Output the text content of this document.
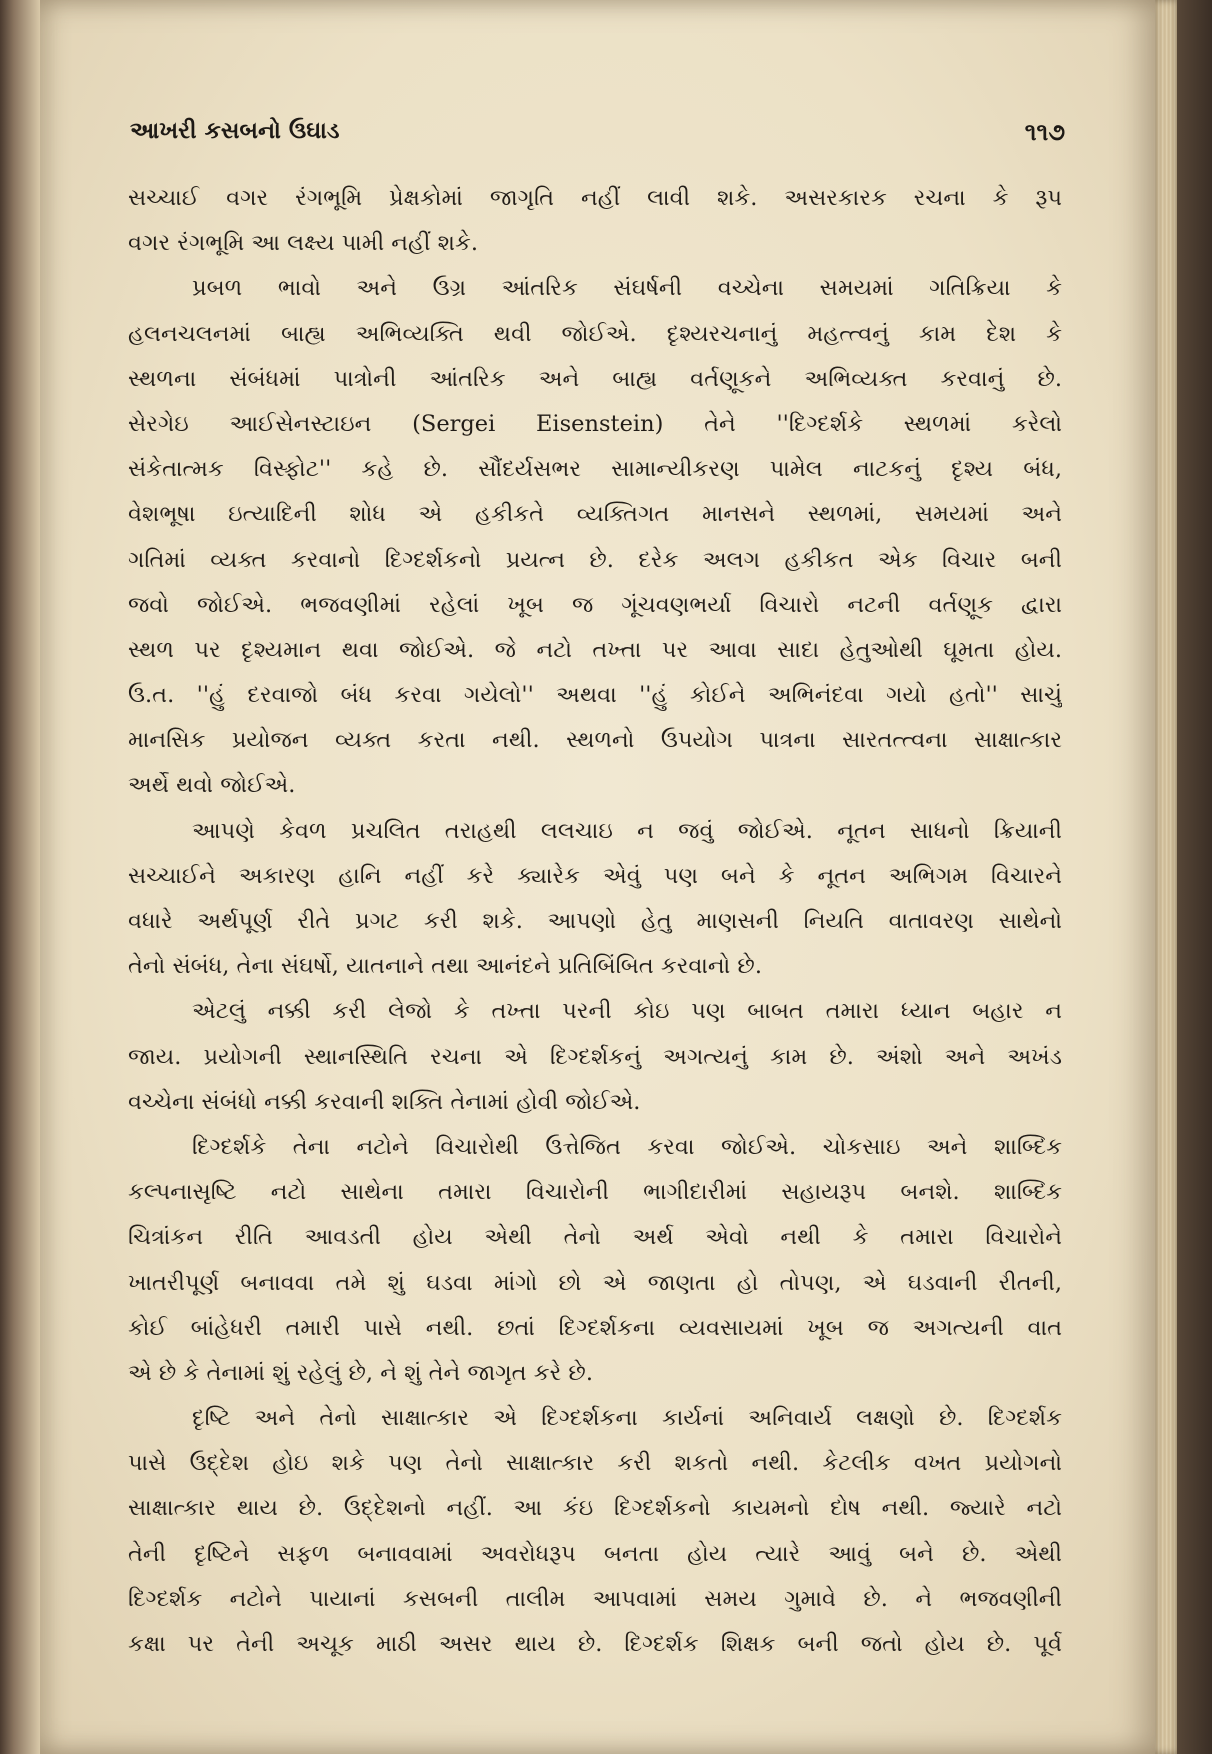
આખરી કસબનો ઉઘાડ	૧૧૭
સચ્ચાઈ વગર રંગભૂમિ પ્રેક્ષકોમાં જાગૃતિ નહીં લાવી શકે. અસરકારક રચના કે રૂપ
વગર રંગભૂમિ આ લક્ષ્ય પામી નહીં શકે.
પ્રબળ ભાવો અને ઉગ્ર આંતરિક સંઘર્ષની વચ્ચેના સમયમાં ગતિક્રિયા કે
હલનચલનમાં બાહ્ય અભિવ્યક્તિ થવી જોઈએ. દૃશ્યરચનાનું મહત્ત્વનું કામ દેશ કે
સ્થળના સંબંધમાં પાત્રોની આંતરિક અને બાહ્ય વર્તણૂકને અભિવ્યક્ત કરવાનું છે.
સેરગેઇ આઈસેનસ્ટાઇન (Sergei Eisenstein) તેને ''દિગ્દર્શકે સ્થળમાં કરેલો
સંકેતાત્મક વિસ્ફોટ'' કહે છે. સૌંદર્યસભર સામાન્યીકરણ પામેલ નાટકનું દૃશ્ય બંધ,
વેશભૂષા ઇત્યાદિની શોધ એ હકીકતે વ્યક્તિગત માનસને સ્થળમાં, સમયમાં અને
ગતિમાં વ્યક્ત કરવાનો દિગ્દર્શકનો પ્રયત્ન છે. દરેક અલગ હકીકત એક વિચાર બની
જવો જોઈએ. ભજવણીમાં રહેલાં ખૂબ જ ગૂંચવણભર્યા વિચારો નટની વર્તણૂક દ્વારા
સ્થળ પર દૃશ્યમાન થવા જોઈએ. જે નટો તખ્તા પર આવા સાદા હેતુઓથી ઘૂમતા હોય.
ઉ.ત. ''હું દરવાજો બંધ કરવા ગયેલો'' અથવા ''હું કોઈને અભિનંદવા ગયો હતો'' સાચું
માનસિક પ્રયોજન વ્યક્ત કરતા નથી. સ્થળનો ઉપયોગ પાત્રના સારતત્ત્વના સાક્ષાત્કાર
અર્થે થવો જોઈએ.
આપણે કેવળ પ્રચલિત તરાહથી લલચાઇ ન જવું જોઈએ. નૂતન સાધનો ક્રિયાની
સચ્ચાઈને અકારણ હાનિ નહીં કરે ક્યારેક એવું પણ બને કે નૂતન અભિગમ વિચારને
વધારે અર્થપૂર્ણ રીતે પ્રગટ કરી શકે. આપણો હેતુ માણસની નિયતિ વાતાવરણ સાથેનો
તેનો સંબંધ, તેના સંઘર્ષો, યાતનાને તથા આનંદને પ્રતિબિંબિત કરવાનો છે.
એટલું નક્કી કરી લેજો કે તખ્તા પરની કોઇ પણ બાબત તમારા ધ્યાન બહાર ન
જાય. પ્રયોગની સ્થાનસ્થિતિ રચના એ દિગ્દર્શકનું અગત્યનું કામ છે. અંશો અને અખંડ
વચ્ચેના સંબંધો નક્કી કરવાની શક્તિ તેનામાં હોવી જોઈએ.
દિગ્દર્શકે તેના નટોને વિચારોથી ઉત્તેજિત કરવા જોઈએ. ચોકસાઇ અને શાબ્દિક
કલ્પનાસૃષ્ટિ નટો સાથેના તમારા વિચારોની ભાગીદારીમાં સહાયરૂપ બનશે. શાબ્દિક
ચિત્રાંકન રીતિ આવડતી હોય એથી તેનો અર્થ એવો નથી કે તમારા વિચારોને
ખાતરીપૂર્ણ બનાવવા તમે શું ઘડવા માંગો છો એ જાણતા હો તોપણ, એ ઘડવાની રીતની,
કોઈ બાંહેધરી તમારી પાસે નથી. છતાં દિગ્દર્શકના વ્યવસાયમાં ખૂબ જ અગત્યની વાત
એ છે કે તેનામાં શું રહેલું છે, ને શું તેને જાગૃત કરે છે.
દૃષ્ટિ અને તેનો સાક્ષાત્કાર એ દિગ્દર્શકના કાર્યનાં અનિવાર્ય લક્ષણો છે. દિગ્દર્શક
પાસે ઉદ્દેશ હોઇ શકે પણ તેનો સાક્ષાત્કાર કરી શકતો નથી. કેટલીક વખત પ્રયોગનો
સાક્ષાત્કાર થાય છે. ઉદ્દેશનો નહીં. આ કંઇ દિગ્દર્શકનો કાયમનો દોષ નથી. જ્યારે નટો
તેની દૃષ્ટિને સફળ બનાવવામાં અવરોધરૂપ બનતા હોય ત્યારે આવું બને છે. એથી
દિગ્દર્શક નટોને પાયાનાં કસબની તાલીમ આપવામાં સમય ગુમાવે છે. ને ભજવણીની
કક્ષા પર તેની અચૂક માઠી અસર થાય છે. દિગ્દર્શક શિક્ષક બની જતો હોય છે. પૂર્વ
